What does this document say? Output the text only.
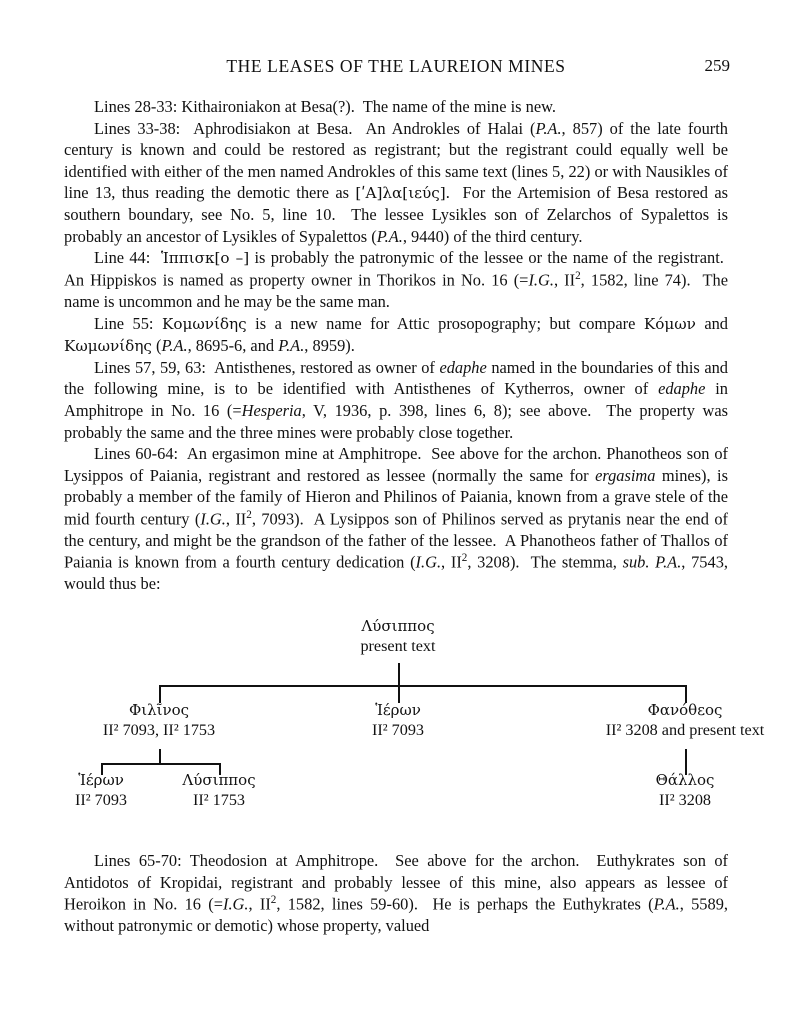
THE LEASES OF THE LAUREION MINES	259

Lines 28-33: Kithaironiakon at Besa(?).  The name of the mine is new.

Lines 33-38:  Aphrodisiakon at Besa.  An Androkles of Halai (P.A., 857) of the late fourth century is known and could be restored as registrant; but the registrant could equally well be identified with either of the men named Androkles of this same text (lines 5, 22) or with Nausikles of line 13, thus reading the demotic there as [ʹΑ]λα[ιεύς].  For the Artemision of Besa restored as southern boundary, see No. 5, line 10.  The lessee Lysikles son of Zelarchos of Sypalettos is probably an ancestor of Lysikles of Sypalettos (P.A., 9440) of the third century.

Line 44:  Ἱππισκ[ο –] is probably the patronymic of the lessee or the name of the registrant.  An Hippiskos is named as property owner in Thorikos in No. 16 (=I.G., $II^2$, 1582, line 74).  The name is uncommon and he may be the same man.

Line 55: Κομωνίδης is a new name for Attic prosopography; but compare Κόμων and Κωμωνίδης (P.A., 8695-6, and P.A., 8959).

Lines 57, 59, 63:  Antisthenes, restored as owner of edaphe named in the boundaries of this and the following mine, is to be identified with Antisthenes of Kytherros, owner of edaphe in Amphitrope in No. 16 (=Hesperia, V, 1936, p. 398, lines 6, 8); see above.  The property was probably the same and the three mines were probably close together.

Lines 60-64:  An ergasimon mine at Amphitrope.  See above for the archon. Phanotheos son of Lysippos of Paiania, registrant and restored as lessee (normally the same for ergasima mines), is probably a member of the family of Hieron and Philinos of Paiania, known from a grave stele of the mid fourth century (I.G., $II^2$, 7093).  A Lysippos son of Philinos served as prytanis near the end of the century, and might be the grandson of the father of the lessee.  A Phanotheos father of Thallos of Paiania is known from a fourth century dedication (I.G., $II^2$, 3208).  The stemma, sub. P.A., 7543, would thus be:

Λύσιππος
present text
Φιλῖνος
II² 7093, II² 1753
Ἱέρων
II² 7093
Φανόθεος
II² 3208 and present text
Ἱέρων
II² 7093
Λύσιππος
II² 1753
Θάλλος
II² 3208

Lines 65-70: Theodosion at Amphitrope.  See above for the archon.  Euthykrates son of Antidotos of Kropidai, registrant and probably lessee of this mine, also appears as lessee of Heroikon in No. 16 (=I.G., $II^2$, 1582, lines 59-60).  He is perhaps the Euthykrates (P.A., 5589, without patronymic or demotic) whose property, valued
